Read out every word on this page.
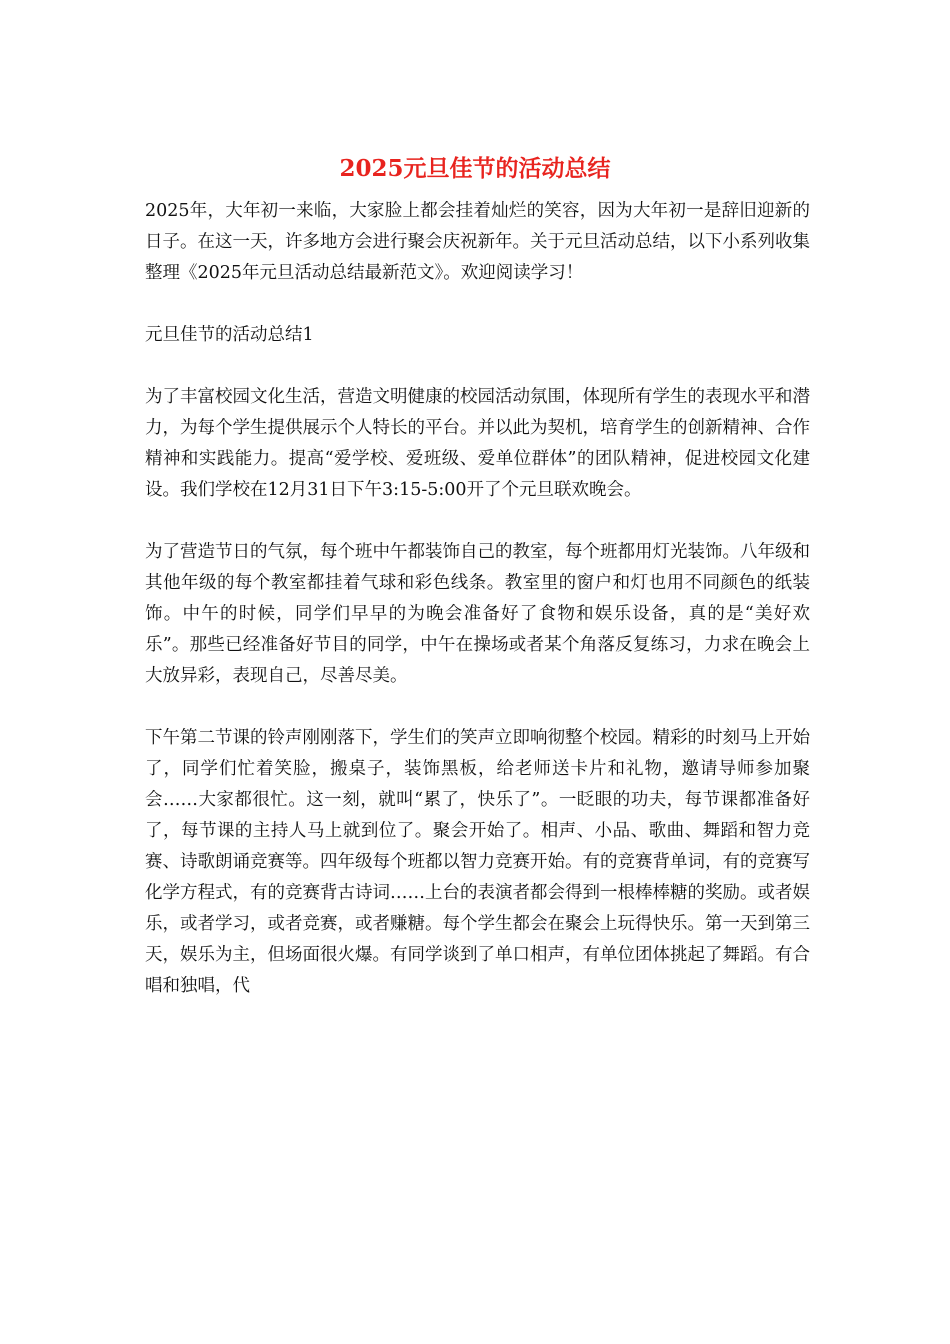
2025元旦佳节的活动总结

2025年，大年初一来临，大家脸上都会挂着灿烂的笑容，因为大年初一是辞旧迎新的日子。在这一天，许多地方会进行聚会庆祝新年。关于元旦活动总结，以下小系列收集整理《2025年元旦活动总结最新范文》。欢迎阅读学习！

元旦佳节的活动总结1

为了丰富校园文化生活，营造文明健康的校园活动氛围，体现所有学生的表现水平和潜力，为每个学生提供展示个人特长的平台。并以此为契机，培育学生的创新精神、合作精神和实践能力。提高“爱学校、爱班级、爱单位群体”的团队精神，促进校园文化建设。我们学校在12月31日下午3:15-5:00开了个元旦联欢晚会。

为了营造节日的气氛，每个班中午都装饰自己的教室，每个班都用灯光装饰。八年级和其他年级的每个教室都挂着气球和彩色线条。教室里的窗户和灯也用不同颜色的纸装饰。中午的时候，同学们早早的为晚会准备好了食物和娱乐设备，真的是“美好欢乐”。那些已经准备好节目的同学，中午在操场或者某个角落反复练习，力求在晚会上大放异彩，表现自己，尽善尽美。

下午第二节课的铃声刚刚落下，学生们的笑声立即响彻整个校园。精彩的时刻马上开始了，同学们忙着笑脸，搬桌子，装饰黑板，给老师送卡片和礼物，邀请导师参加聚会……大家都很忙。这一刻，就叫“累了，快乐了”。一眨眼的功夫，每节课都准备好了，每节课的主持人马上就到位了。聚会开始了。相声、小品、歌曲、舞蹈和智力竞赛、诗歌朗诵竞赛等。四年级每个班都以智力竞赛开始。有的竞赛背单词，有的竞赛写化学方程式，有的竞赛背古诗词……上台的表演者都会得到一根棒棒糖的奖励。或者娱乐，或者学习，或者竞赛，或者赚糖。每个学生都会在聚会上玩得快乐。第一天到第三天，娱乐为主，但场面很火爆。有同学谈到了单口相声，有单位团体挑起了舞蹈。有合唱和独唱，代
